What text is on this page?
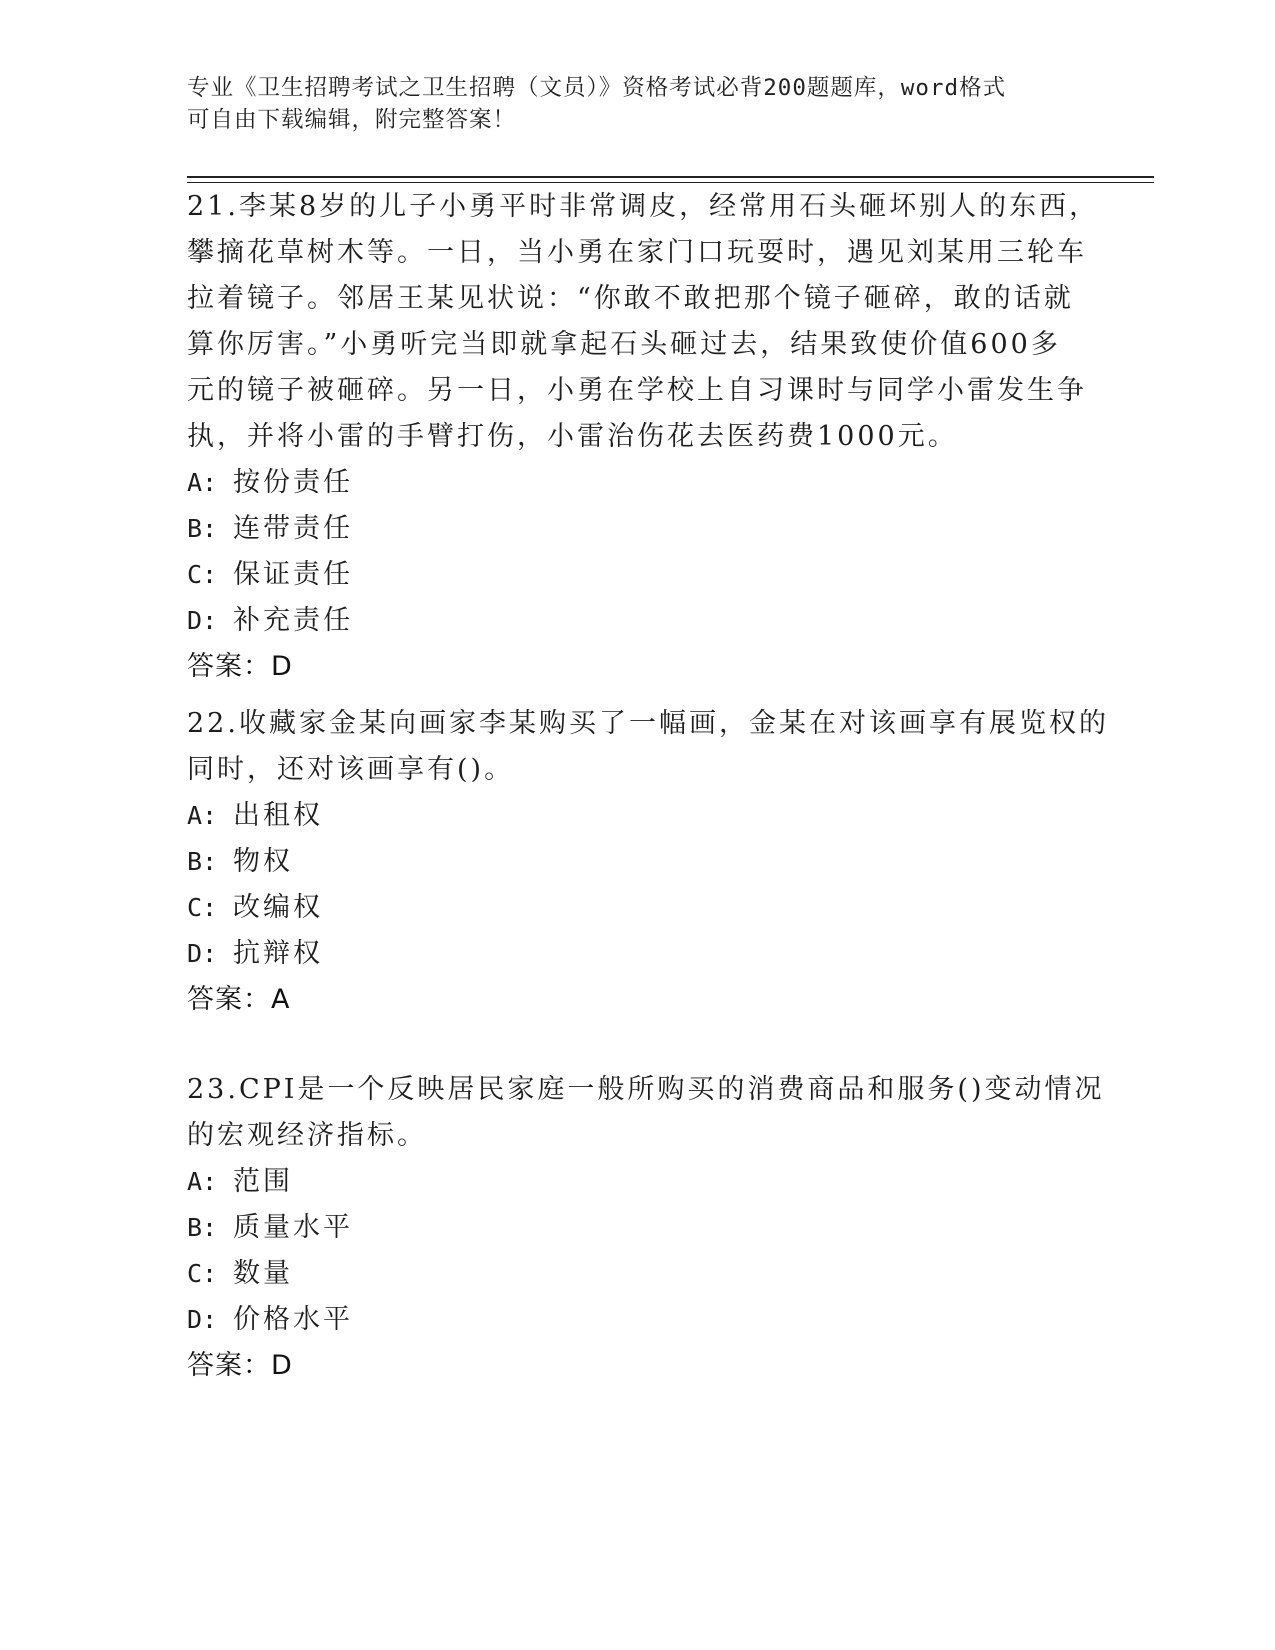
专业《卫生招聘考试之卫生招聘（文员）》资格考试必背200题题库，word格式
可自由下载编辑，附完整答案！
21.李某8岁的儿子小勇平时非常调皮，经常用石头砸坏别人的东西，
攀摘花草树木等。一日，当小勇在家门口玩耍时，遇见刘某用三轮车
拉着镜子。邻居王某见状说：“你敢不敢把那个镜子砸碎，敢的话就
算你厉害。”小勇听完当即就拿起石头砸过去，结果致使价值600多
元的镜子被砸碎。另一日，小勇在学校上自习课时与同学小雷发生争
执，并将小雷的手臂打伤，小雷治伤花去医药费1000元。
A: 按份责任
B: 连带责任
C: 保证责任
D: 补充责任
答案：D
22.收藏家金某向画家李某购买了一幅画，金某在对该画享有展览权的
同时，还对该画享有()。
A: 出租权
B: 物权
C: 改编权
D: 抗辩权
答案：A
23.CPI是一个反映居民家庭一般所购买的消费商品和服务()变动情况
的宏观经济指标。
A: 范围
B: 质量水平
C: 数量
D: 价格水平
答案：D
